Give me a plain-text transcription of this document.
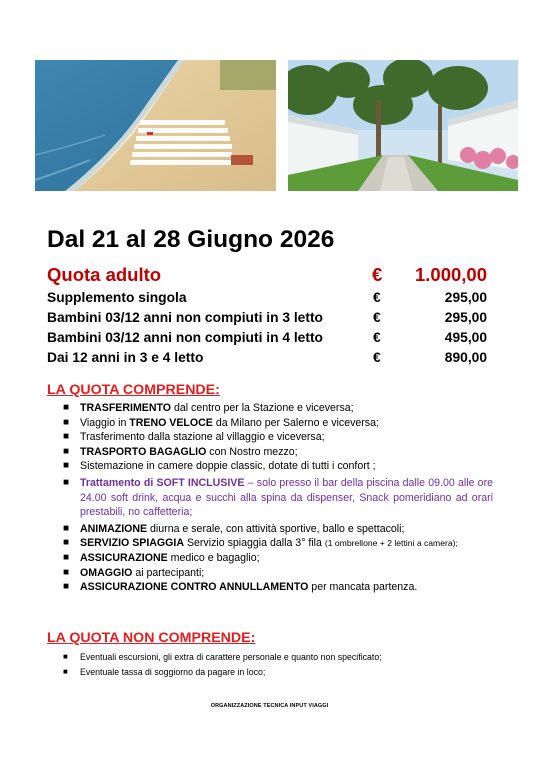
Dal 21 al 28 Giugno 2026
Quota adulto	€ 1.000,00
Supplemento singola	€	295,00
Bambini 03/12 anni non compiuti in 3 letto	€	295,00
Bambini 03/12 anni non compiuti in 4 letto	€	495,00
Dai 12 anni in 3 e 4 letto	€	890,00
LA QUOTA COMPRENDE:
■ TRASFERIMENTO dal centro per la Stazione e viceversa;
■ Viaggio in TRENO VELOCE da Milano per Salerno e viceversa;
■ Trasferimento dalla stazione al villaggio e viceversa;
■ TRASPORTO BAGAGLIO con Nostro mezzo;
■ Sistemazione in camere doppie classic, dotate di tutti i confort ;
■ Trattamento di SOFT INCLUSIVE – solo presso il bar della piscina dalle 09.00 alle ore 24.00 soft drink, acqua e succhi alla spina da dispenser, Snack pomeridiano ad orari prestabili, no caffetteria;
■ ANIMAZIONE diurna e serale, con attività sportive, ballo e spettacoli;
■ SERVIZIO SPIAGGIA Servizio spiaggia dalla 3° fila (1 ombrellone + 2 lettini a camera);
■ ASSICURAZIONE medico e bagaglio;
■ OMAGGIO ai partecipanti;
■ ASSICURAZIONE CONTRO ANNULLAMENTO per mancata partenza.
LA QUOTA NON COMPRENDE:
■ Eventuali escursioni, gli extra di carattere personale e quanto non specificato;
■ Eventuale tassa di soggiorno da pagare in loco;
ORGANIZZAZIONE TECNICA INPUT VIAGGI
